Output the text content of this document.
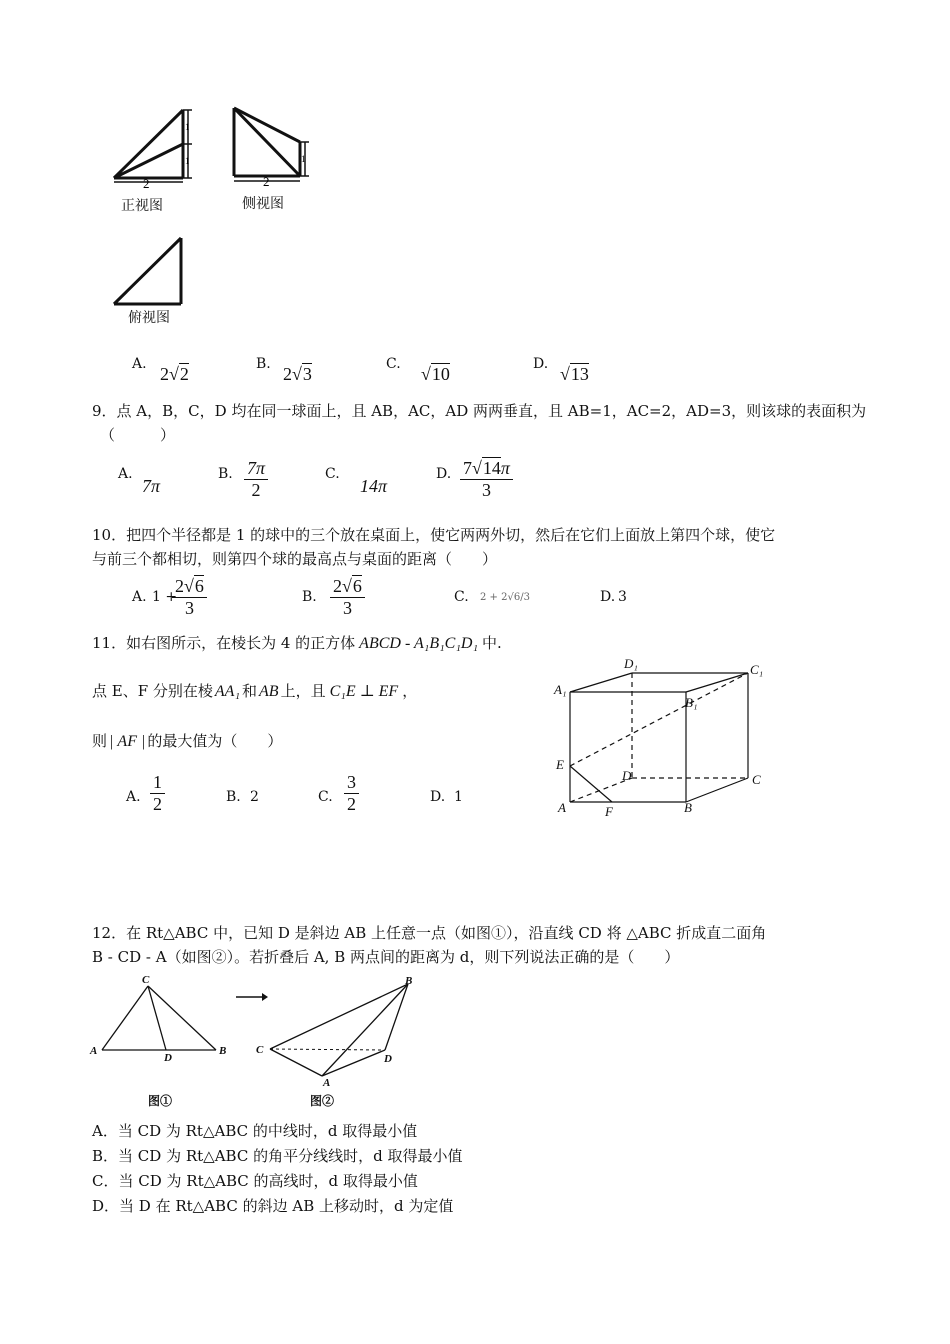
2
1
1
2
1
正视图	侧视图
俯视图
A. 2√2	B. 2√3	C. √10	D. √13
9．点 A，B，C，D 均在同一球面上，且 AB，AC，AD 两两垂直，且 AB=1，AC=2，AD=3，则该球的表面积为
（　　　）
A.
7π
B. $\frac{7\pi}{2}$	C.
14π
D. $\frac{7√14\pi}{3}$
10．把四个半径都是 1 的球中的三个放在桌面上，使它两两外切，然后在它们上面放上第四个球，使它
与前三个都相切，则第四个球的最高点与桌面的距离（　　）
A. 1 +
$\frac{2√6}{3}$	B. $\frac{2√6}{3}$	C. 2 + 2√6/3	D. 3
11．如右图所示，在棱长为 4 的正方体 ABCD - A₁B₁C₁D₁ 中.
点 E、F 分别在棱 AA₁ 和 AB 上，且 C₁E ⊥ EF ，
则 | AF | 的最大值为（　　）
A. $\frac{1}{2}$	B. 2	C. $\frac{3}{2}$	D. 1
D₁	C₁
A₁
B₁
E
D	C
A	F	B
12．在 Rt△ABC 中，已知 D 是斜边 AB 上任意一点（如图①），沿直线 CD 将 △ABC 折成直二面角
B - CD - A（如图②）。若折叠后 A, B 两点间的距离为 d，则下列说法正确的是（　　）
C
A
D
B
图①
B
C
D
A
图②
A．当 CD 为 Rt△ABC 的中线时，d 取得最小值
B．当 CD 为 Rt△ABC 的角平分线线时，d 取得最小值
C．当 CD 为 Rt△ABC 的高线时，d 取得最小值
D．当 D 在 Rt△ABC 的斜边 AB 上移动时，d 为定值
